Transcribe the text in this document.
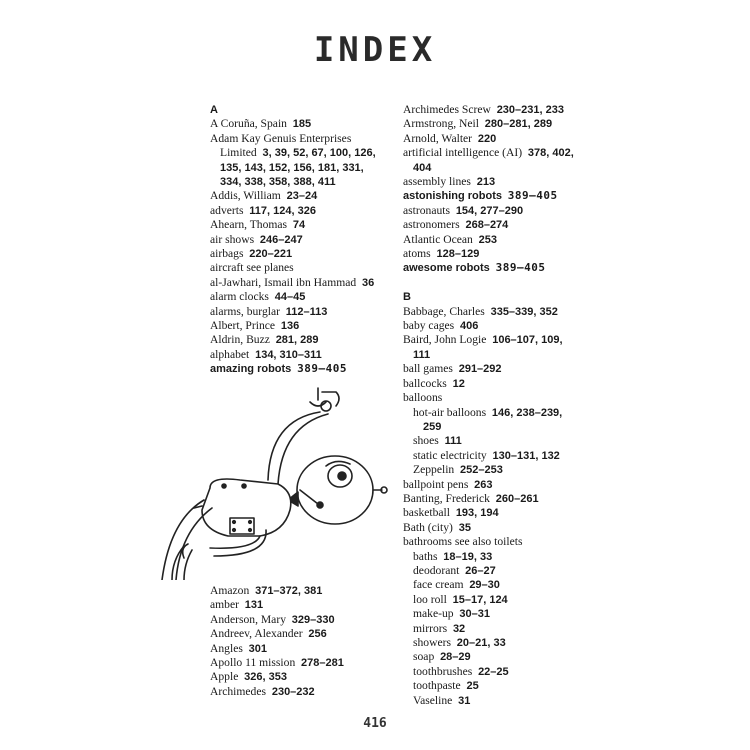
INDEX
A
A Coruña, Spain 185
Adam Kay Genuis Enterprises Limited 3, 39, 52, 67, 100, 126, 135, 143, 152, 156, 181, 331, 334, 338, 358, 388, 411
Addis, William 23–24
adverts 117, 124, 326
Ahearn, Thomas 74
air shows 246–247
airbags 220–221
aircraft see planes
al-Jawhari, Ismail ibn Hammad 36
alarm clocks 44–45
alarms, burglar 112–113
Albert, Prince 136
Aldrin, Buzz 281, 289
alphabet 134, 310–311
amazing robots 389–405
Amazon 371–372, 381
amber 131
Anderson, Mary 329–330
Andreev, Alexander 256
Angles 301
Apollo 11 mission 278–281
Apple 326, 353
Archimedes 230–232
Archimedes Screw 230–231, 233
Armstrong, Neil 280–281, 289
Arnold, Walter 220
artificial intelligence (AI) 378, 402, 404
assembly lines 213
astonishing robots 389–405
astronauts 154, 277–290
astronomers 268–274
Atlantic Ocean 253
atoms 128–129
awesome robots 389–405
B
Babbage, Charles 335–339, 352
baby cages 406
Baird, John Logie 106–107, 109, 111
ball games 291–292
ballcocks 12
balloons
hot-air balloons 146, 238–239, 259
shoes 111
static electricity 130–131, 132
Zeppelin 252–253
ballpoint pens 263
Banting, Frederick 260–261
basketball 193, 194
Bath (city) 35
bathrooms see also toilets
baths 18–19, 33
deodorant 26–27
face cream 29–30
loo roll 15–17, 124
make-up 30–31
mirrors 32
showers 20–21, 33
soap 28–29
toothbrushes 22–25
toothpaste 25
Vaseline 31
416
